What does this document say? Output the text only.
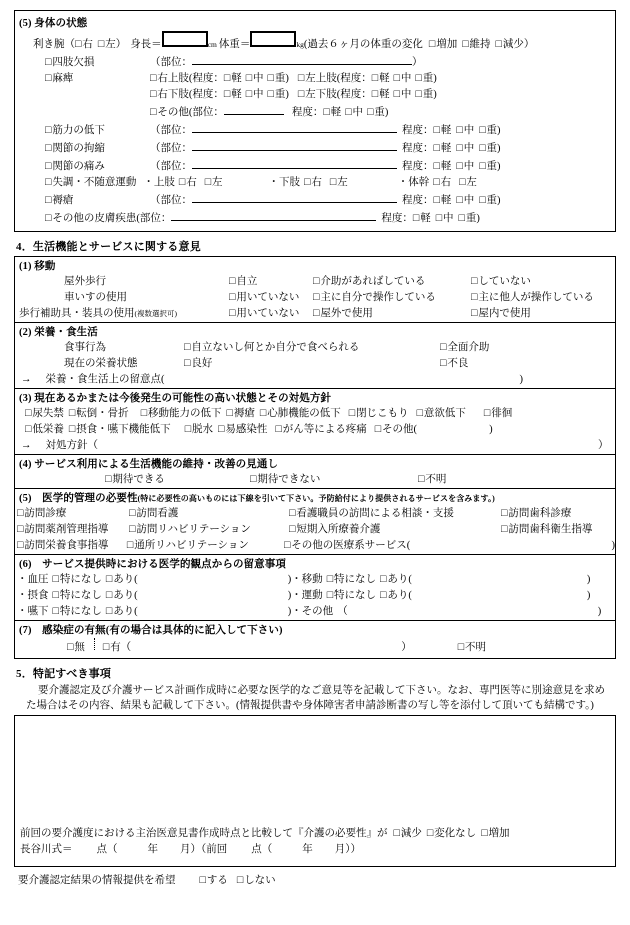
(5) 身体の状態
利き腕 （ □ 右	□ 左 ） 身長＝	cm 体重＝	kg (過去６ヶ月の体重の変化	□ 増加	□ 維持	□ 減少 ）
□ 四肢欠損	（部位：	）
□ 麻痺	□ 右上肢(程度： □ 軽	□ 中	□ 重 )	□ 左上肢(程度： □ 軽	□ 中	□ 重 )
□ 右下肢(程度： □ 軽	□ 中	□ 重 )	□ 左下肢(程度： □ 軽	□ 中	□ 重 )
□ その他(部位：	程度： □ 軽	□ 中	□ 重 )
□ 筋力の低下	（部位：	程度： □ 軽	□ 中	□ 重 )
□ 関節の拘縮	（部位：	程度： □ 軽	□ 中	□ 重 )
□ 関節の痛み	（部位：	程度： □ 軽	□ 中	□ 重 )
□ 失調・不随意運動 ・上肢	□ 右	□ 左	・下肢	□ 右	□ 左	・体幹	□ 右	□ 左
□ 褥瘡	（部位：	程度： □ 軽	□ 中	□ 重 )
□ その他の皮膚疾患(部位：	程度： □ 軽	□ 中	□ 重 )
4．生活機能とサービスに関する意見
(1) 移動
屋外歩行	□ 自立	□ 介助があればしている	□ していない
車いすの使用	□ 用いていない	□ 主に自分で操作している	□ 主に他人が操作している
歩行補助具・装具の使用(複数選択可)	□ 用いていない	□ 屋外で使用	□ 屋内で使用
(2) 栄養・食生活
食事行為	□ 自立ないし何とか自分で食べられる	□ 全面介助
現在の栄養状態	□ 良好	□ 不良
→ 栄養・食生活上の留意点(	)
(3) 現在あるかまたは今後発生の可能性の高い状態とその対処方針
□ 尿失禁	□ 転倒・骨折	□ 移動能力の低下	□ 褥瘡	□ 心肺機能の低下	□ 閉じこもり	□ 意欲低下	□ 徘徊
□ 低栄養	□ 摂食・嚥下機能低下	□ 脱水	□ 易感染性	□ がん等による疼痛	□ その他(	)
→ 対処方針（	）
(4) サービス利用による生活機能の維持・改善の見通し
□ 期待できる	□ 期待できない	□ 不明
(5)　医学的管理の必要性(特に必要性の高いものには下線を引いて下さい。予防給付により提供されるサービスを含みます。)
□ 訪問診療	□ 訪問看護	□ 看護職員の訪問による相談・支援	□ 訪問歯科診療
□ 訪問薬剤管理指導	□ 訪問リハビリテーション	□ 短期入所療養介護	□ 訪問歯科衛生指導
□ 訪問栄養食事指導	□ 通所リハビリテーション	□ その他の医療系サービス(	)
(6)　サービス提供時における医学的観点からの留意事項
・血圧	□ 特になし	□ あり(	) ・移動	□ 特になし	□ あり(	)
・摂食	□ 特になし	□ あり(	) ・運動	□ 特になし	□ あり(	)
・嚥下	□ 特になし	□ あり(	) ・その他 （	)
(7)　感染症の有無(有の場合は具体的に記入して下さい)
□ 無	□ 有（	）	□ 不明
5．特記すべき事項
要介護認定及び介護サービス計画作成時に必要な医学的なご意見等を記載して下さい。なお、専門医等に別途意見を求め
た場合はその内容、結果も記載して下さい。(情報提供書や身体障害者申請診断書の写し等を添付して頂いても結構です。)
前回の要介護度における主治医意見書作成時点と比較して『介護の必要性』が	□ 減少	□ 変化なし	□ 増加
長谷川式＝ 点（	年 月 ）（前回 点（	年 月））
要介護認定結果の情報提供を希望	□ する	□ しない
